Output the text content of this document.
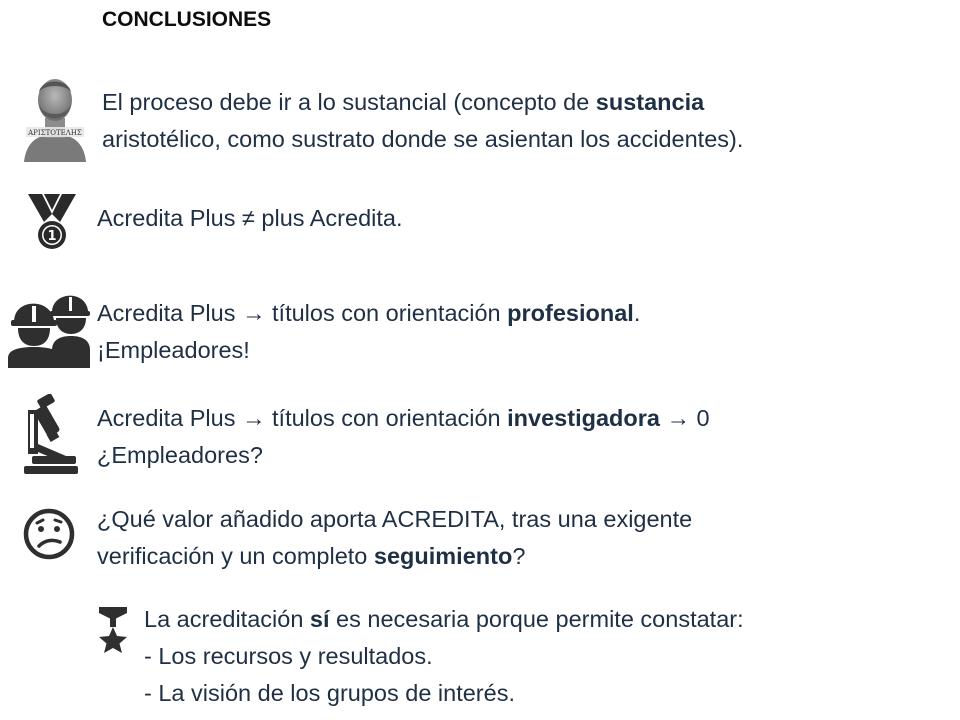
CONCLUSIONES
ΑΡΙΣΤΟΤΕΛΗΣ
El proceso debe ir a lo sustancial (concepto de sustancia
aristotélico, como sustrato donde se asientan los accidentes).
1
Acredita Plus ≠ plus Acredita.
Acredita Plus → títulos con orientación profesional.
¡Empleadores!
Acredita Plus → títulos con orientación investigadora → 0
¿Empleadores?
¿Qué valor añadido aporta ACREDITA, tras una exigente
verificación y un completo seguimiento?
La acreditación sí es necesaria porque permite constatar:
- Los recursos y resultados.
- La visión de los grupos de interés.
